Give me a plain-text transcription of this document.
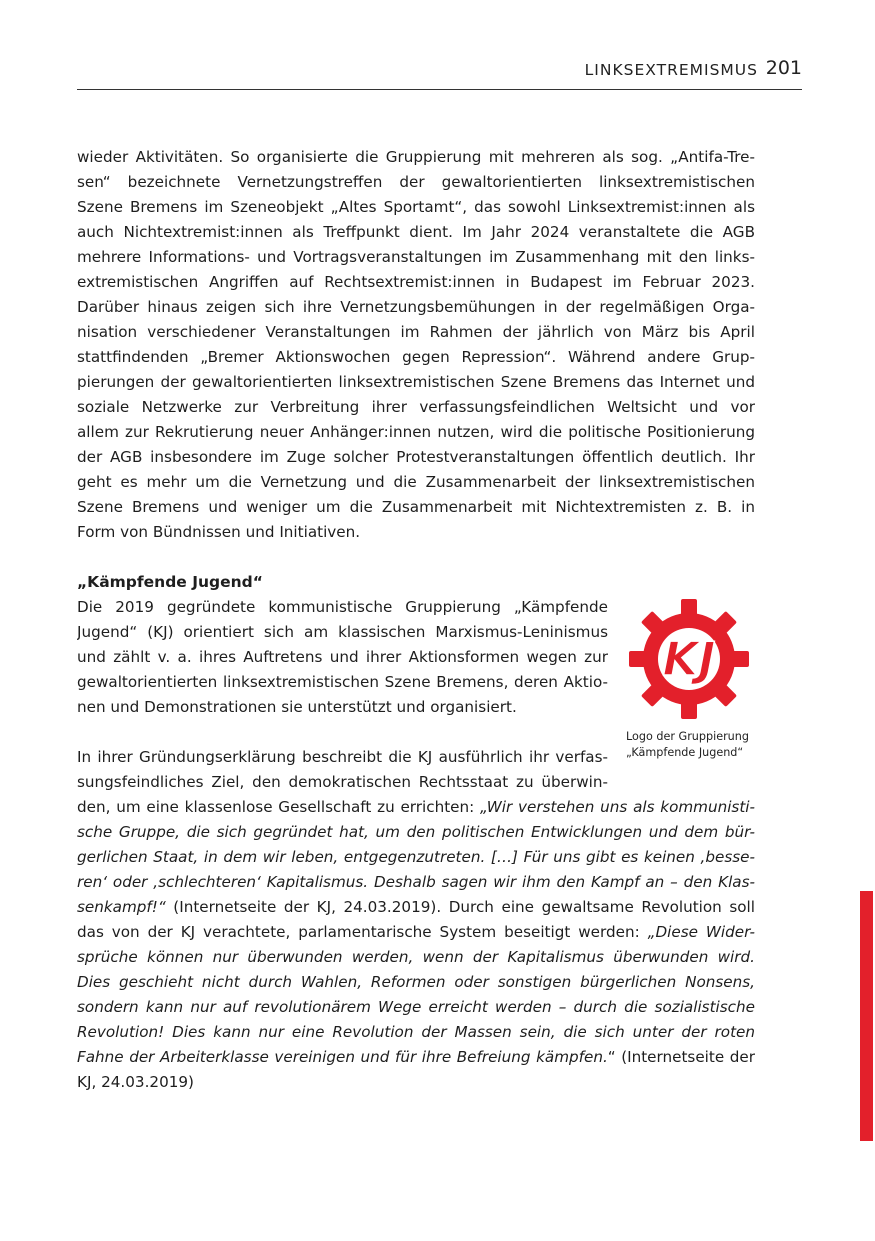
LINKSEXTREMISMUS 201
wieder Aktivitäten. So organisierte die Gruppierung mit mehreren als sog. „Antifa-Tre-
sen“ bezeichnete Vernetzungstreffen der gewaltorientierten linksextremistischen
Szene Bremens im Szeneobjekt „Altes Sportamt“, das sowohl Linksextremist:innen als
auch Nichtextremist:innen als Treffpunkt dient. Im Jahr 2024 veranstaltete die AGB
mehrere Informations- und Vortragsveranstaltungen im Zusammenhang mit den links-
extremistischen Angriffen auf Rechtsextremist:innen in Budapest im Februar 2023.
Darüber hinaus zeigen sich ihre Vernetzungsbemühungen in der regelmäßigen Orga-
nisation verschiedener Veranstaltungen im Rahmen der jährlich von März bis April
stattfindenden „Bremer Aktionswochen gegen Repression“. Während andere Grup-
pierungen der gewaltorientierten linksextremistischen Szene Bremens das Internet und
soziale Netzwerke zur Verbreitung ihrer verfassungsfeindlichen Weltsicht und vor
allem zur Rekrutierung neuer Anhänger:innen nutzen, wird die politische Positionierung
der AGB insbesondere im Zuge solcher Protestveranstaltungen öffentlich deutlich. Ihr
geht es mehr um die Vernetzung und die Zusammenarbeit der linksextremistischen
Szene Bremens und weniger um die Zusammenarbeit mit Nichtextremisten z. B. in
Form von Bündnissen und Initiativen.
„Kämpfende Jugend“
Die 2019 gegründete kommunistische Gruppierung „Kämpfende
Jugend“ (KJ) orientiert sich am klassischen Marxismus-Leninismus
und zählt v. a. ihres Auftretens und ihrer Aktionsformen wegen zur
gewaltorientierten linksextremistischen Szene Bremens, deren Aktio-
nen und Demonstrationen sie unterstützt und organisiert.
KJ
Logo der Gruppierung
„Kämpfende Jugend“
In ihrer Gründungserklärung beschreibt die KJ ausführlich ihr verfas-
sungsfeindliches Ziel, den demokratischen Rechtsstaat zu überwin-
den, um eine klassenlose Gesellschaft zu errichten: „Wir verstehen uns als kommunisti-
sche Gruppe, die sich gegründet hat, um den politischen Entwicklungen und dem bür-
gerlichen Staat, in dem wir leben, entgegenzutreten. […] Für uns gibt es keinen ‚besse-
ren‘ oder ‚schlechteren‘ Kapitalismus. Deshalb sagen wir ihm den Kampf an – den Klas-
senkampf!“ (Internetseite der KJ, 24.03.2019). Durch eine gewaltsame Revolution soll
das von der KJ verachtete, parlamentarische System beseitigt werden: „Diese Wider-
sprüche können nur überwunden werden, wenn der Kapitalismus überwunden wird.
Dies geschieht nicht durch Wahlen, Reformen oder sonstigen bürgerlichen Nonsens,
sondern kann nur auf revolutionärem Wege erreicht werden – durch die sozialistische
Revolution! Dies kann nur eine Revolution der Massen sein, die sich unter der roten
Fahne der Arbeiterklasse vereinigen und für ihre Befreiung kämpfen.“ (Internetseite der
KJ, 24.03.2019)
